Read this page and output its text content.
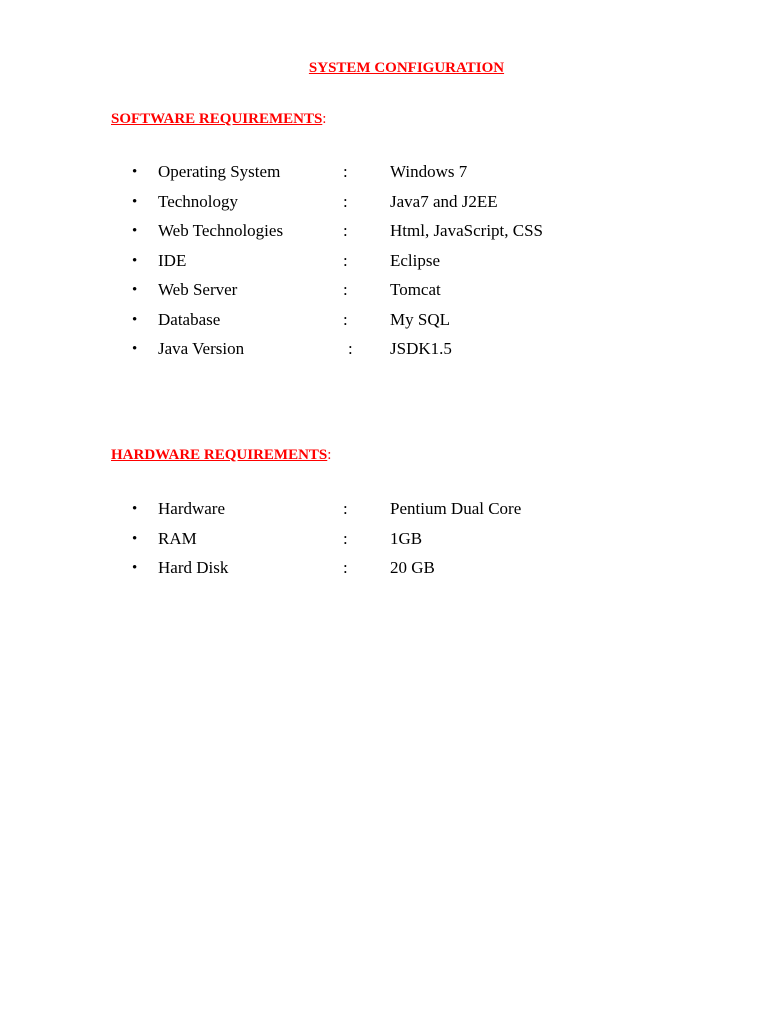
SYSTEM CONFIGURATION
SOFTWARE REQUIREMENTS:
• Operating System	: Windows 7
• Technology	: Java7 and J2EE
• Web Technologies	: Html, JavaScript, CSS
• IDE	: Eclipse
• Web Server	: Tomcat
• Database	: My SQL
• Java Version	: JSDK1.5
HARDWARE REQUIREMENTS:
• Hardware	: Pentium Dual Core
• RAM	: 1GB
• Hard Disk	: 20 GB
